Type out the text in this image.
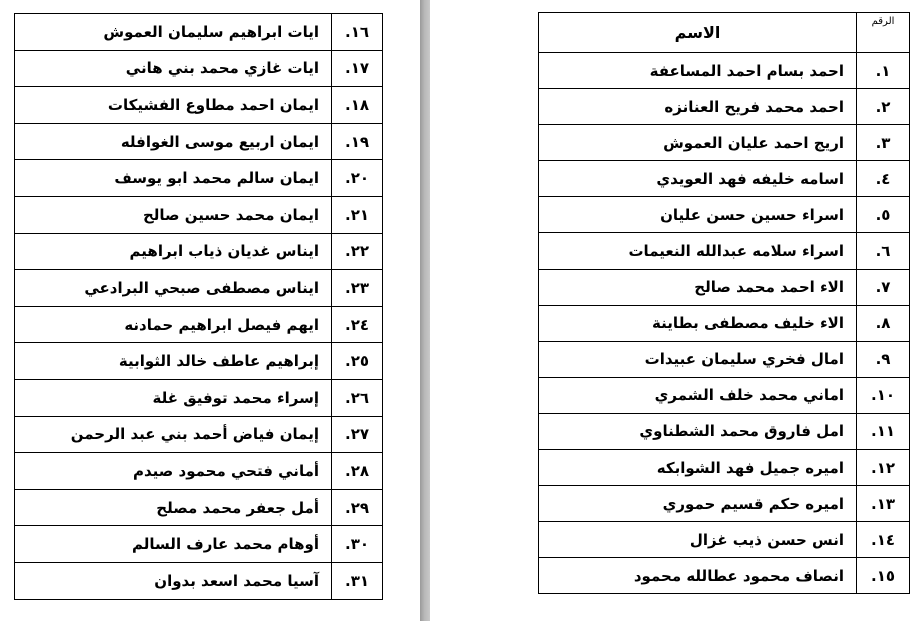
١٦.	ايات ابراهيم سليمان العموش
١٧.	ايات غازي محمد بني هاني
١٨.	ايمان احمد مطاوع الفشيكات
١٩.	ايمان اربيع موسى الغوافله
٢٠.	ايمان سالم محمد ابو يوسف
٢١.	ايمان محمد حسين صالح
٢٢.	ايناس غديان ذياب ابراهيم
٢٣.	ايناس مصطفى صبحي البرادعي
٢٤.	ايهم فيصل ابراهيم حمادنه
٢٥.	إبراهيم عاطف خالد الثوابية
٢٦.	إسراء محمد توفيق غلة
٢٧.	إيمان فياض أحمد بني عبد الرحمن
٢٨.	أماني فتحي محمود صيدم
٢٩.	أمل جعفر محمد مصلح
٣٠.	أوهام محمد عارف السالم
٣١.	آسيا محمد اسعد بدوان
الرقم	الاسم
١.	احمد بسام احمد المساعفة
٢.	احمد محمد فريح العنانزه
٣.	اريج احمد عليان العموش
٤.	اسامه خليفه فهد العويدي
٥.	اسراء حسين حسن عليان
٦.	اسراء سلامه عبدالله النعيمات
٧.	الاء احمد محمد صالح
٨.	الاء خليف مصطفى بطاينة
٩.	امال فخري سليمان عبيدات
١٠.	اماني محمد خلف الشمري
١١.	امل فاروق محمد الشطناوي
١٢.	اميره جميل فهد الشوابكه
١٣.	اميره حكم قسيم حموري
١٤.	انس حسن ذيب غزال
١٥.	انصاف محمود عطالله محمود
